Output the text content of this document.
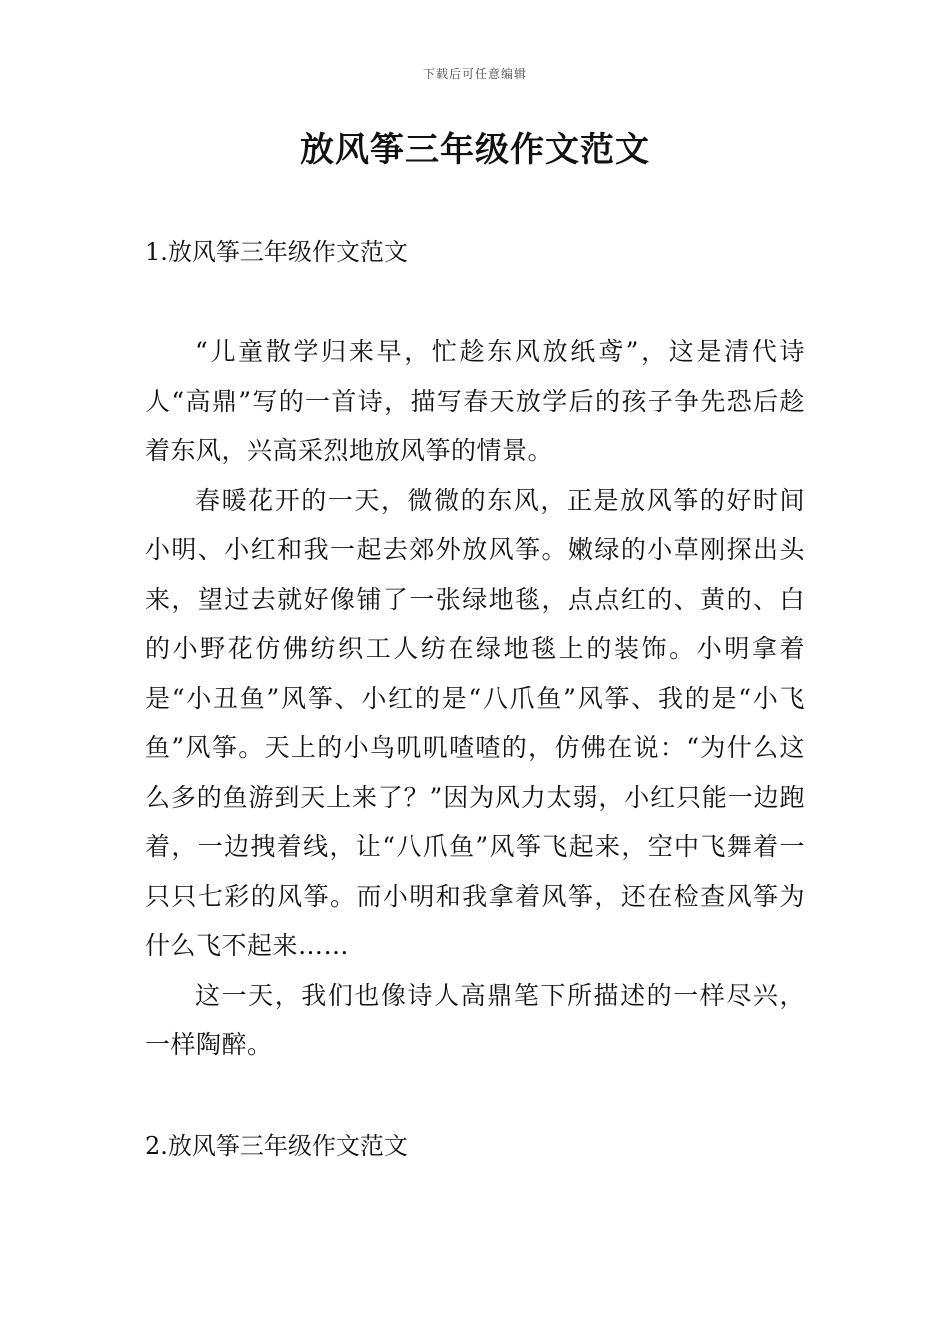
下载后可任意编辑
放风筝三年级作文范文
1.放风筝三年级作文范文

“儿童散学归来早，忙趁东风放纸鸢”，这是清代诗人“高鼎”写的一首诗，描写春天放学后的孩子争先恐后趁着东风，兴高采烈地放风筝的情景。

春暖花开的一天，微微的东风，正是放风筝的好时间小明、小红和我一起去郊外放风筝。嫩绿的小草刚探出头来，望过去就好像铺了一张绿地毯，点点红的、黄的、白的小野花仿佛纺织工人纺在绿地毯上的装饰。小明拿着是“小丑鱼”风筝、小红的是“八爪鱼”风筝、我的是“小飞鱼”风筝。天上的小鸟叽叽喳喳的，仿佛在说：“为什么这么多的鱼游到天上来了？”因为风力太弱，小红只能一边跑着，一边拽着线，让“八爪鱼”风筝飞起来，空中飞舞着一只只七彩的风筝。而小明和我拿着风筝，还在检查风筝为什么飞不起来……

这一天，我们也像诗人高鼎笔下所描述的一样尽兴，一样陶醉。

2.放风筝三年级作文范文
